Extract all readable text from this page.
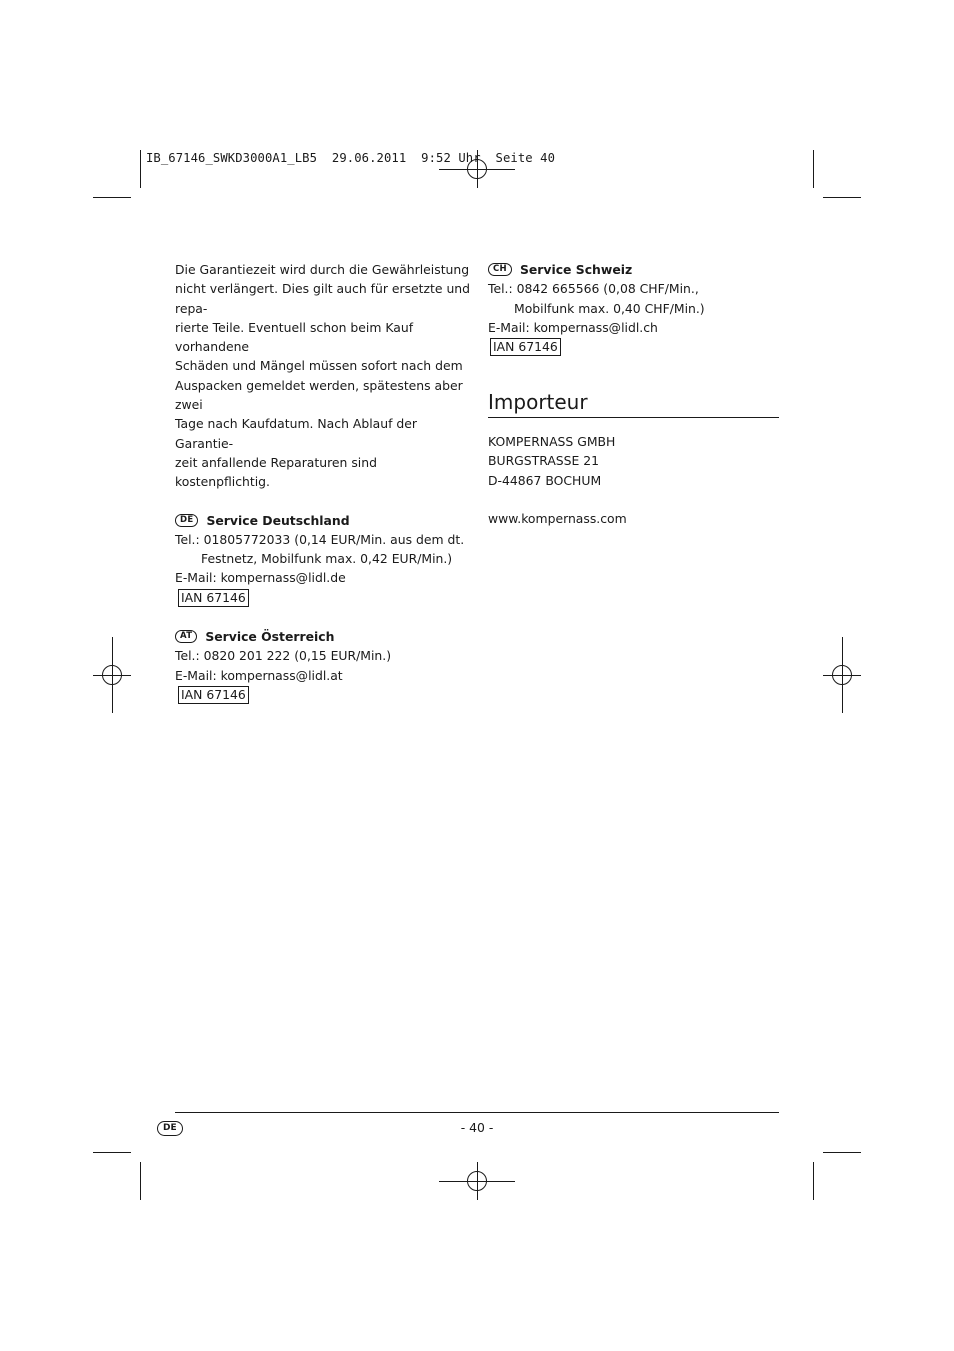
IB_67146_SWKD3000A1_LB5  29.06.2011  9:52 Uhr  Seite 40

Die Garantiezeit wird durch die Gewährleistung

nicht verlängert. Dies gilt auch für ersetzte und repa-

rierte Teile. Eventuell schon beim Kauf vorhandene

Schäden und Mängel müssen sofort nach dem

Auspacken gemeldet werden, spätestens aber zwei

Tage nach Kaufdatum. Nach Ablauf der Garantie-

zeit anfallende Reparaturen sind kostenpflichtig.

DE	Service Deutschland

Tel.: 01805772033 (0,14 EUR/Min. aus dem dt.

Festnetz, Mobilfunk max. 0,42 EUR/Min.)

E-Mail: kompernass@lidl.de

IAN 67146

AT	Service Österreich

Tel.: 0820 201 222 (0,15 EUR/Min.)

E-Mail: kompernass@lidl.at

IAN 67146

CH	Service Schweiz

Tel.: 0842 665566 (0,08 CHF/Min.,

Mobilfunk max. 0,40 CHF/Min.)

E-Mail: kompernass@lidl.ch

IAN 67146

Importeur

KOMPERNASS GMBH

BURGSTRASSE 21

D-44867 BOCHUM

www.kompernass.com

DE	- 40 -
